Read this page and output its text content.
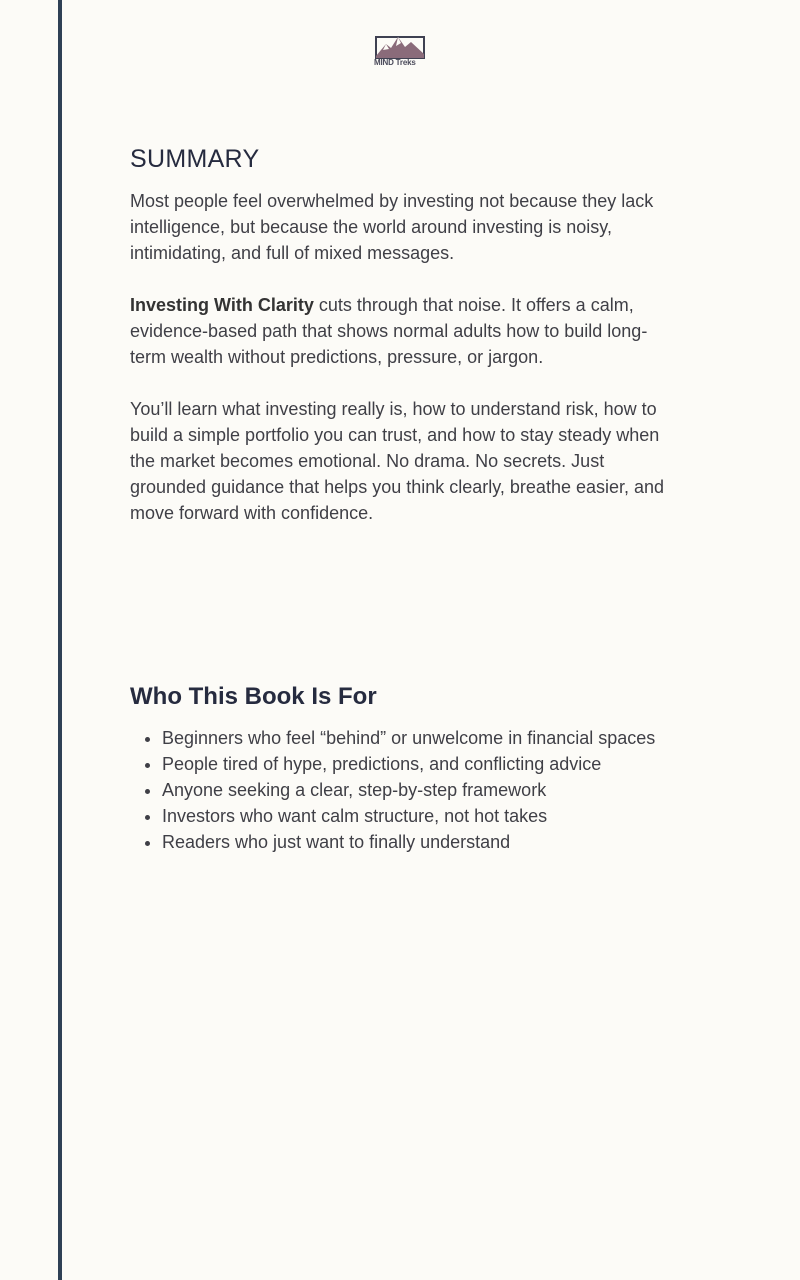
MIND Treks
SUMMARY

Most people feel overwhelmed by investing not because they lack intelligence, but because the world around investing is noisy, intimidating, and full of mixed messages.

Investing With Clarity cuts through that noise. It offers a calm, evidence-based path that shows normal adults how to build long-term wealth without predictions, pressure, or jargon.

You’ll learn what investing really is, how to understand risk, how to build a simple portfolio you can trust, and how to stay steady when the market becomes emotional. No drama. No secrets. Just grounded guidance that helps you think clearly, breathe easier, and move forward with confidence.

Who This Book Is For
• Beginners who feel “behind” or unwelcome in financial spaces
• People tired of hype, predictions, and conflicting advice
• Anyone seeking a clear, step-by-step framework
• Investors who want calm structure, not hot takes
• Readers who just want to finally understand
